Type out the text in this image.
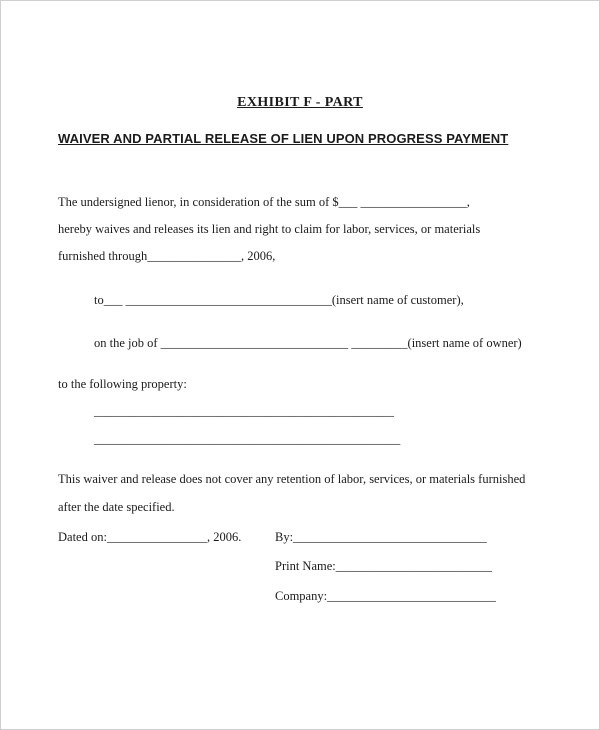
EXHIBIT F - PART
WAIVER AND PARTIAL RELEASE OF LIEN UPON PROGRESS PAYMENT
The undersigned lienor, in consideration of the sum of $___ _________________,
hereby waives and releases its lien and right to claim for labor, services, or materials
furnished through_______________, 2006,
to___ _________________________________(insert name of customer),
on the job of ______________________________ _________(insert name of owner)
to the following property:
________________________________________________
_________________________________________________
This waiver and release does not cover any retention of labor, services, or materials furnished
after the date specified.
Dated on:________________, 2006.	By:_______________________________
Print Name:_________________________
Company:___________________________
